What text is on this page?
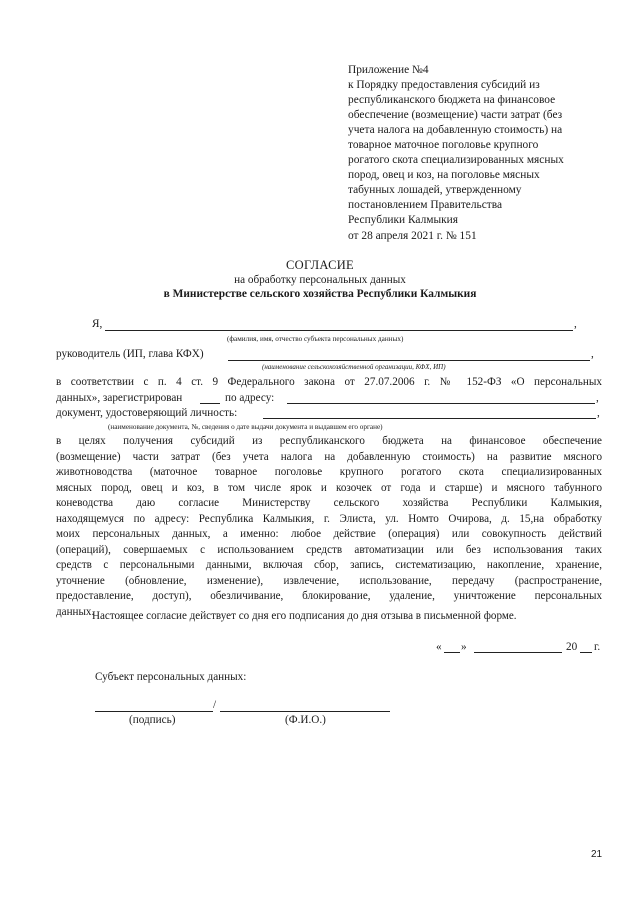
Приложение №4
к Порядку предоставления субсидий из
республиканского бюджета на финансовое
обеспечение (возмещение) части затрат (без
учета налога на добавленную стоимость) на
товарное маточное поголовье крупного
рогатого скота специализированных мясных
пород, овец и коз, на поголовье мясных
табунных лошадей, утвержденному
постановлением Правительства
Республики Калмыкия
от 28 апреля 2021 г. № 151
СОГЛАСИЕ
на обработку персональных данных
в Министерстве сельского хозяйства Республики Калмыкия
Я,	,
(фамилия, имя, отчество субъекта персональных данных)
руководитель (ИП, глава КФХ)	,
(наименование сельскохозяйственной организации, КФХ, ИП)
в соответствии с п. 4 ст. 9 Федерального закона от 27.07.2006 г. № 152-ФЗ «О персональных
данных», зарегистрирован	по адресу:	,
документ, удостоверяющий личность:	,
(наименование документа, №, сведения о дате выдачи документа и выдавшем его органе)
в целях получения субсидий из республиканского бюджета на финансовое обеспечение
(возмещение) части затрат (без учета налога на добавленную стоимость) на развитие мясного
животноводства (маточное товарное поголовье крупного рогатого скота специализированных
мясных пород, овец и коз, в том числе ярок и козочек от года и старше) и мясного табунного
коневодства даю согласие Министерству сельского хозяйства Республики Калмыкия,
находящемуся по адресу: Республика Калмыкия, г. Элиста, ул. Номто Очирова, д. 15,на обработку
моих персональных данных, а именно: любое действие (операция) или совокупность действий
(операций), совершаемых с использованием средств автоматизации или без использования таких
средств с персональными данными, включая сбор, запись, систематизацию, накопление, хранение,
уточнение (обновление, изменение), извлечение, использование, передачу (распространение,
предоставление, доступ), обезличивание, блокирование, удаление, уничтожение персональных
данных.
Настоящее согласие действует со дня его подписания до дня отзыва в письменной форме.
« »	20 г.
Субъект персональных данных:
/
(подпись)	(Ф.И.О.)
21
